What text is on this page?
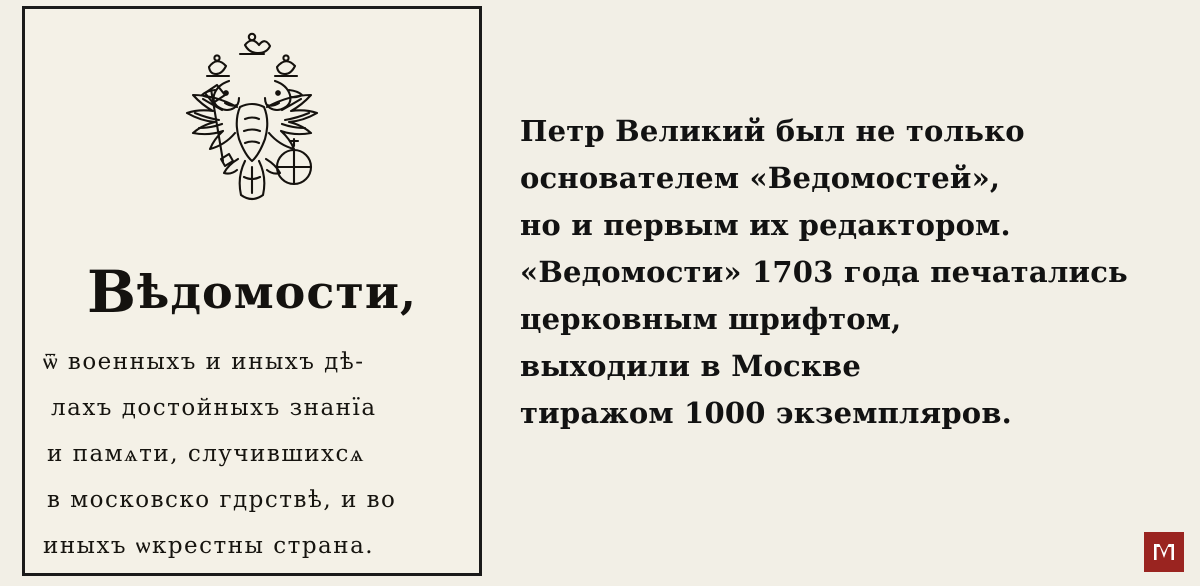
Вѣдомости,
ѿ военныхъ и иныхъ дѣ-
лахъ достойныхъ знанїа
и памѧти, случившихсѧ
в московско гдрствѣ, и во
иныхъ ѡкрестны странa.
Петр Великий был не только
основателем «Ведомостей»,
но и первым их редактором.
«Ведомости» 1703 года печатались
церковным шрифтом,
выходили в Москве
тиражом 1000 экземпляров.
